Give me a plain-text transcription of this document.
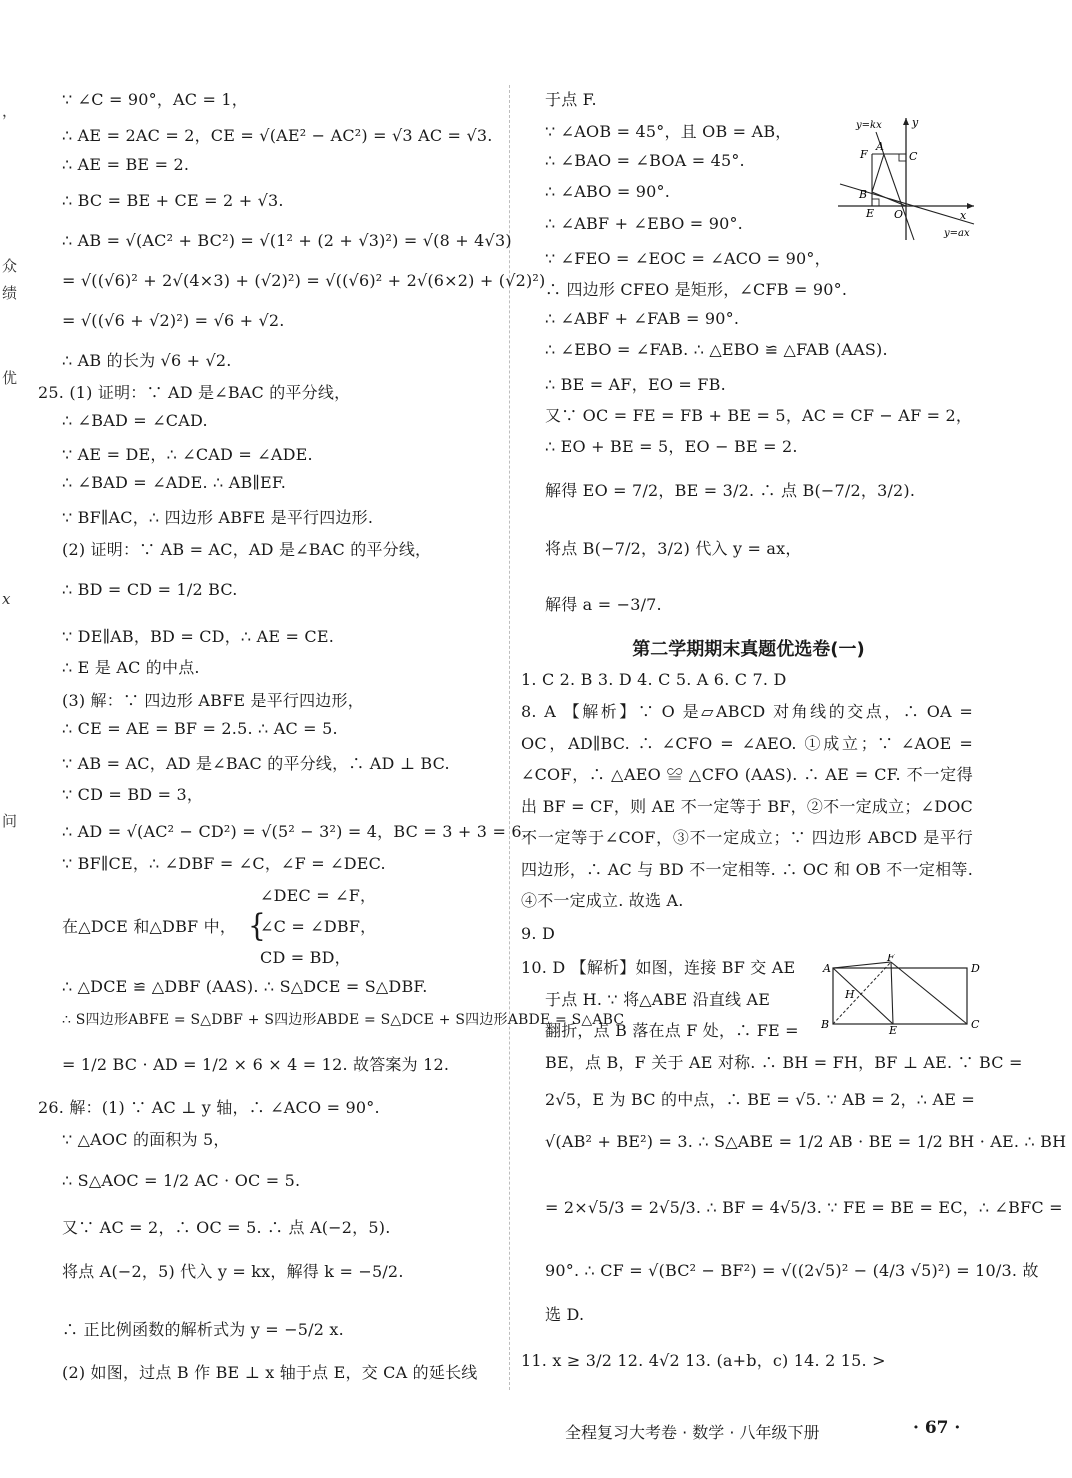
，
众
绩
优
x
问
∵ ∠C = 90°，AC = 1，
∴ AE = 2AC = 2，CE = √(AE² − AC²) = √3 AC = √3.
∴ AE = BE = 2.
∴ BC = BE + CE = 2 + √3.
∴ AB = √(AC² + BC²) = √(1² + (2 + √3)²) = √(8 + 4√3)
= √((√6)² + 2√(4×3) + (√2)²) = √((√6)² + 2√(6×2) + (√2)²)
= √((√6 + √2)²) = √6 + √2.
∴ AB 的长为 √6 + √2.
25. (1) 证明：∵ AD 是∠BAC 的平分线，
∴ ∠BAD = ∠CAD.
∵ AE = DE，∴ ∠CAD = ∠ADE.
∴ ∠BAD = ∠ADE. ∴ AB∥EF.
∵ BF∥AC，∴ 四边形 ABFE 是平行四边形.
(2) 证明：∵ AB = AC，AD 是∠BAC 的平分线，
∴ BD = CD = 1/2 BC.
∵ DE∥AB，BD = CD，∴ AE = CE.
∴ E 是 AC 的中点.
(3) 解：∵ 四边形 ABFE 是平行四边形，
∴ CE = AE = BF = 2.5. ∴ AC = 5.
∵ AB = AC，AD 是∠BAC 的平分线，∴ AD ⊥ BC.
∵ CD = BD = 3，
∴ AD = √(AC² − CD²) = √(5² − 3²) = 4，BC = 3 + 3 = 6.
∵ BF∥CE，∴ ∠DBF = ∠C，∠F = ∠DEC.
在△DCE 和△DBF 中， {
∠DEC = ∠F，
∠C = ∠DBF，
CD = BD，
∴ △DCE ≌ △DBF (AAS). ∴ S△DCE = S△DBF.
∴ S四边形ABFE = S△DBF + S四边形ABDE = S△DCE + S四边形ABDE = S△ABC
= 1/2 BC · AD = 1/2 × 6 × 4 = 12. 故答案为 12.
26. 解：(1) ∵ AC ⊥ y 轴，∴ ∠ACO = 90°.
∵ △AOC 的面积为 5，
∴ S△AOC = 1/2 AC · OC = 5.
又∵ AC = 2，∴ OC = 5. ∴ 点 A(−2，5).
将点 A(−2，5) 代入 y = kx，解得 k = −5/2.
∴ 正比例函数的解析式为 y = −5/2 x.
(2) 如图，过点 B 作 BE ⊥ x 轴于点 E，交 CA 的延长线
于点 F.
∵ ∠AOB = 45°，且 OB = AB，
∴ ∠BAO = ∠BOA = 45°.
∴ ∠ABO = 90°.
∴ ∠ABF + ∠EBO = 90°.
∵ ∠FEO = ∠EOC = ∠ACO = 90°，
∴ 四边形 CFEO 是矩形，∠CFB = 90°.
∴ ∠ABF + ∠FAB = 90°.
∴ ∠EBO = ∠FAB. ∴ △EBO ≌ △FAB (AAS).
∴ BE = AF，EO = FB.
又∵ OC = FE = FB + BE = 5，AC = CF − AF = 2，
∴ EO + BE = 5，EO − BE = 2.
解得 EO = 7/2，BE = 3/2. ∴ 点 B(−7/2，3/2).
将点 B(−7/2，3/2) 代入 y = ax，
解得 a = −3/7.
y=kx	y
F
A
C
B
E O	x
y=ax
第二学期期末真题优选卷(一)
1. C 2. B 3. D 4. C 5. A 6. C 7. D
8. A 【解析】∵ O 是▱ABCD 对角线的交点，∴ OA = OC，AD∥BC. ∴ ∠CFO = ∠AEO. ①成立；∵ ∠AOE = ∠COF，∴ △AEO ≌ △CFO (AAS). ∴ AE = CF. 不一定得出 BF = CF，则 AE 不一定等于 BF，②不一定成立；∠DOC 不一定等于∠COF，③不一定成立；∵ 四边形 ABCD 是平行四边形，∴ AC 与 BD 不一定相等. ∴ OC 和 OB 不一定相等. ④不一定成立. 故选 A.
9. D
10. D 【解析】如图，连接 BF 交 AE
于点 H. ∵ 将△ABE 沿直线 AE
翻折，点 B 落在点 F 处，∴ FE =
BE，点 B，F 关于 AE 对称. ∴ BH = FH，BF ⊥ AE. ∵ BC =
2√5，E 为 BC 的中点，∴ BE = √5. ∵ AB = 2，∴ AE =
√(AB² + BE²) = 3. ∴ S△ABE = 1/2 AB · BE = 1/2 BH · AE. ∴ BH
= 2×√5/3 = 2√5/3. ∴ BF = 4√5/3. ∵ FE = BE = EC，∴ ∠BFC =
90°. ∴ CF = √(BC² − BF²) = √((2√5)² − (4/3 √5)²) = 10/3. 故
选 D.
A
F
D
H
B	E	C
11. x ≥ 3/2 12. 4√2 13. (a+b，c) 14. 2 15. >
全程复习大考卷 · 数学 · 八年级下册	· 67 ·
